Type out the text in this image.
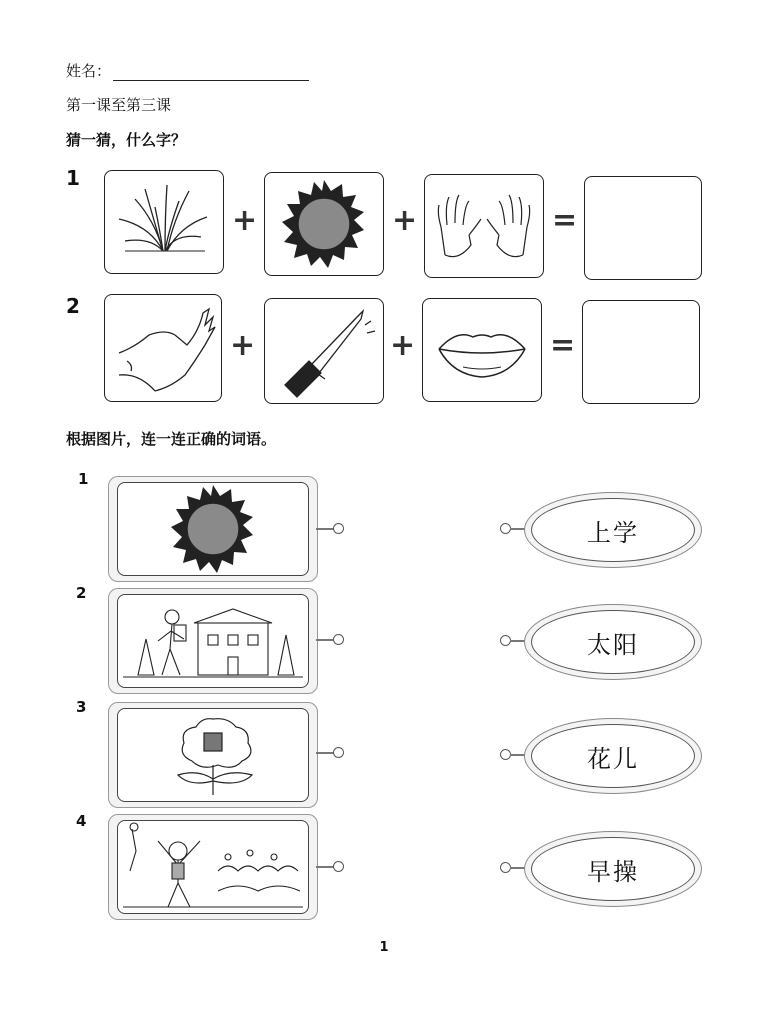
姓名：
第一课至第三课
猜一猜，什么字？
1
+	+	=
2
+	+	=
根据图片，连一连正确的词语。
1
2
3
4
上学
太阳
花儿
早操
1
